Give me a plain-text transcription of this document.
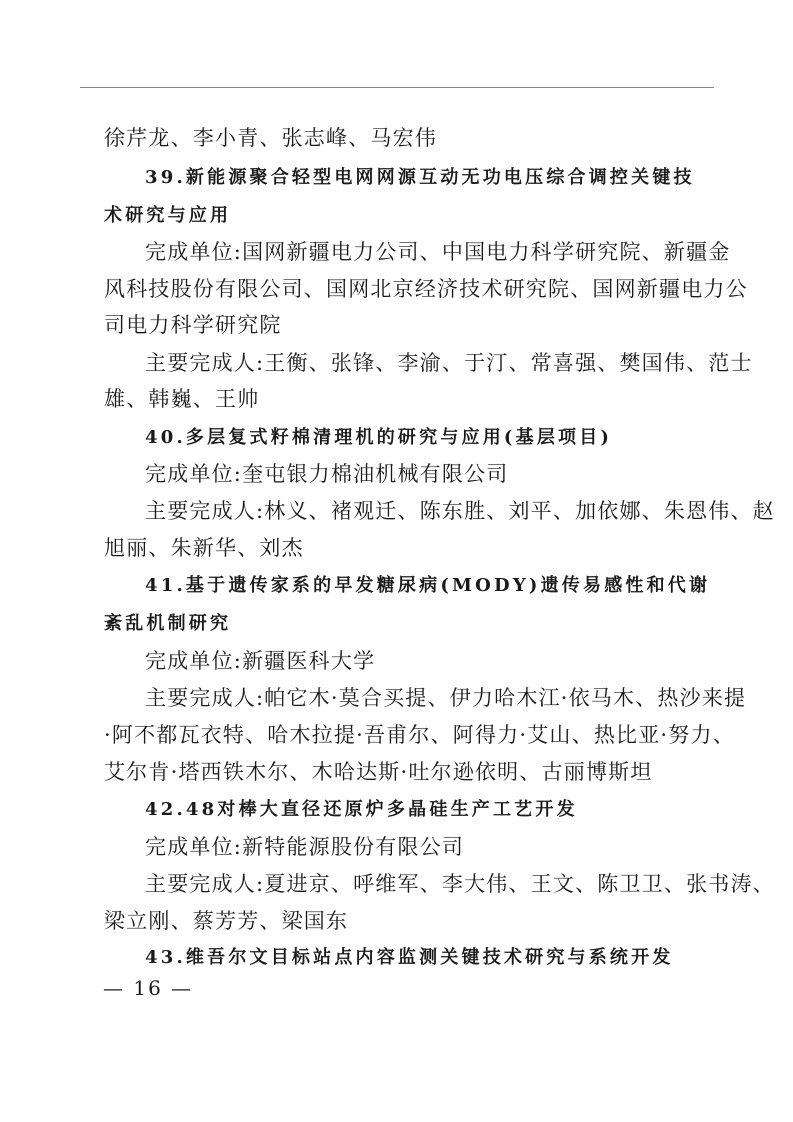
徐芹龙、李小青、张志峰、马宏伟
39.新能源聚合轻型电网网源互动无功电压综合调控关键技
术研究与应用
完成单位:国网新疆电力公司、中国电力科学研究院、新疆金
风科技股份有限公司、国网北京经济技术研究院、国网新疆电力公
司电力科学研究院
主要完成人:王衡、张锋、李渝、于汀、常喜强、樊国伟、范士
雄、韩巍、王帅
40.多层复式籽棉清理机的研究与应用(基层项目)
完成单位:奎屯银力棉油机械有限公司
主要完成人:林义、褚观迁、陈东胜、刘平、加依娜、朱恩伟、赵
旭丽、朱新华、刘杰
41.基于遗传家系的早发糖尿病(MODY)遗传易感性和代谢
紊乱机制研究
完成单位:新疆医科大学
主要完成人:帕它木·莫合买提、伊力哈木江·依马木、热沙来提
·阿不都瓦衣特、哈木拉提·吾甫尔、阿得力·艾山、热比亚·努力、
艾尔肯·塔西铁木尔、木哈达斯·吐尔逊依明、古丽博斯坦
42.48对棒大直径还原炉多晶硅生产工艺开发
完成单位:新特能源股份有限公司
主要完成人:夏进京、呼维军、李大伟、王文、陈卫卫、张书涛、
梁立刚、蔡芳芳、梁国东
43.维吾尔文目标站点内容监测关键技术研究与系统开发
— 16 —
